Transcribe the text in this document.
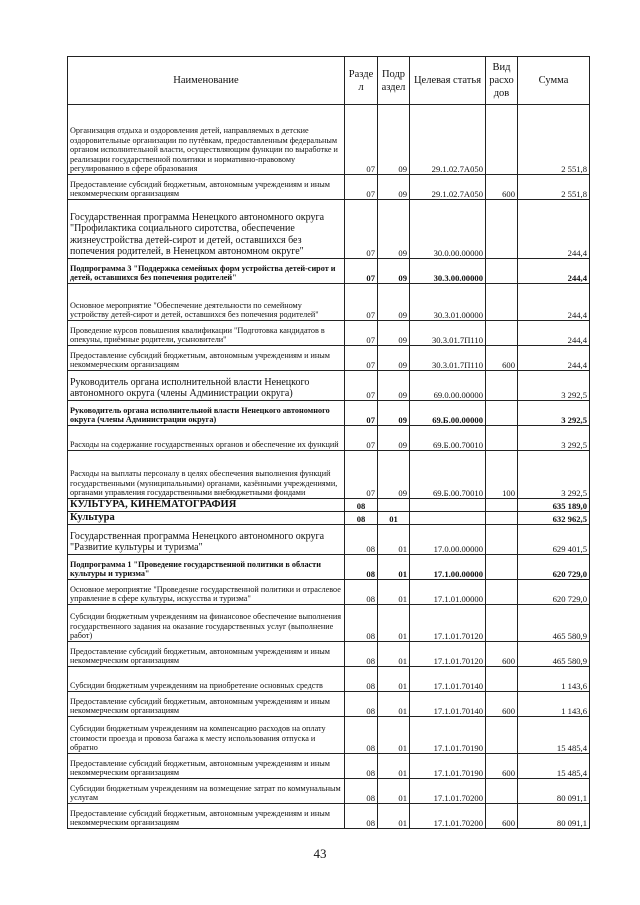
Наименование	Разде л	Подр аздел	Целевая статья	Вид расхо дов	Сумма
Организация отдыха и оздоровления детей, направляемых в детские оздоровительные организации по путёвкам, предоставленным федеральным органом исполнительной власти, осуществляющим функции по выработке и реализации государственной политики и нормативно-правовому регулированию в сфере образования	07	09	29.1.02.7А050		2 551,8
Предоставление субсидий бюджетным, автономным учреждениям и иным некоммерческим организациям	07	09	29.1.02.7А050	600	2 551,8
Государственная программа Ненецкого автономного округа "Профилактика социального сиротства, обеспечение жизнеустройства детей-сирот и детей, оставшихся без попечения родителей, в Ненецком автономном округе"	07	09	30.0.00.00000		244,4
Подпрограмма 3 "Поддержка семейных форм устройства детей-сирот и детей, оставшихся без попечения родителей"	07	09	30.3.00.00000		244,4
Основное мероприятие "Обеспечение деятельности по семейному устройству детей-сирот и детей, оставшихся без попечения родителей"	07	09	30.3.01.00000		244,4
Проведение курсов повышения квалификации "Подготовка кандидатов в опекуны, приёмные родители, усыновители"	07	09	30.3.01.7П110		244,4
Предоставление субсидий бюджетным, автономным учреждениям и иным некоммерческим организациям	07	09	30.3.01.7П110	600	244,4
Руководитель органа исполнительной власти Ненецкого автономного округа (члены Администрации округа)	07	09	69.0.00.00000		3 292,5
Руководитель органа исполнительной власти Ненецкого автономного округа (члены Администрации округа)	07	09	69.Б.00.00000		3 292,5
Расходы на содержание государственных органов и обеспечение их функций	07	09	69.Б.00.70010		3 292,5
Расходы на выплаты персоналу в целях обеспечения выполнения функций государственными (муниципальными) органами, казёнными учреждениями, органами управления государственными внебюджетными фондами	07	09	69.Б.00.70010	100	3 292,5
КУЛЬТУРА, КИНЕМАТОГРАФИЯ	08				635 189,0
Культура	08	01			632 962,5
Государственная программа Ненецкого автономного округа "Развитие культуры и туризма"	08	01	17.0.00.00000		629 401,5
Подпрограмма 1 "Проведение государственной политики в области культуры и туризма"	08	01	17.1.00.00000		620 729,0
Основное мероприятие "Проведение государственной политики и отраслевое управление в сфере культуры, искусства и туризма"	08	01	17.1.01.00000		620 729,0
Субсидии бюджетным учреждениям на финансовое обеспечение выполнения государственного задания на оказание государственных услуг (выполнение работ)	08	01	17.1.01.70120		465 580,9
Предоставление субсидий бюджетным, автономным учреждениям и иным некоммерческим организациям	08	01	17.1.01.70120	600	465 580,9
Субсидии бюджетным учреждениям на приобретение основных средств	08	01	17.1.01.70140		1 143,6
Предоставление субсидий бюджетным, автономным учреждениям и иным некоммерческим организациям	08	01	17.1.01.70140	600	1 143,6
Субсидии бюджетным учреждениям на компенсацию расходов на оплату стоимости проезда и провоза багажа к месту использования отпуска и обратно	08	01	17.1.01.70190		15 485,4
Предоставление субсидий бюджетным, автономным учреждениям и иным некоммерческим организациям	08	01	17.1.01.70190	600	15 485,4
Субсидии бюджетным учреждениям на возмещение затрат по коммунальным услугам	08	01	17.1.01.70200		80 091,1
Предоставление субсидий бюджетным, автономным учреждениям и иным некоммерческим организациям	08	01	17.1.01.70200	600	80 091,1
43
